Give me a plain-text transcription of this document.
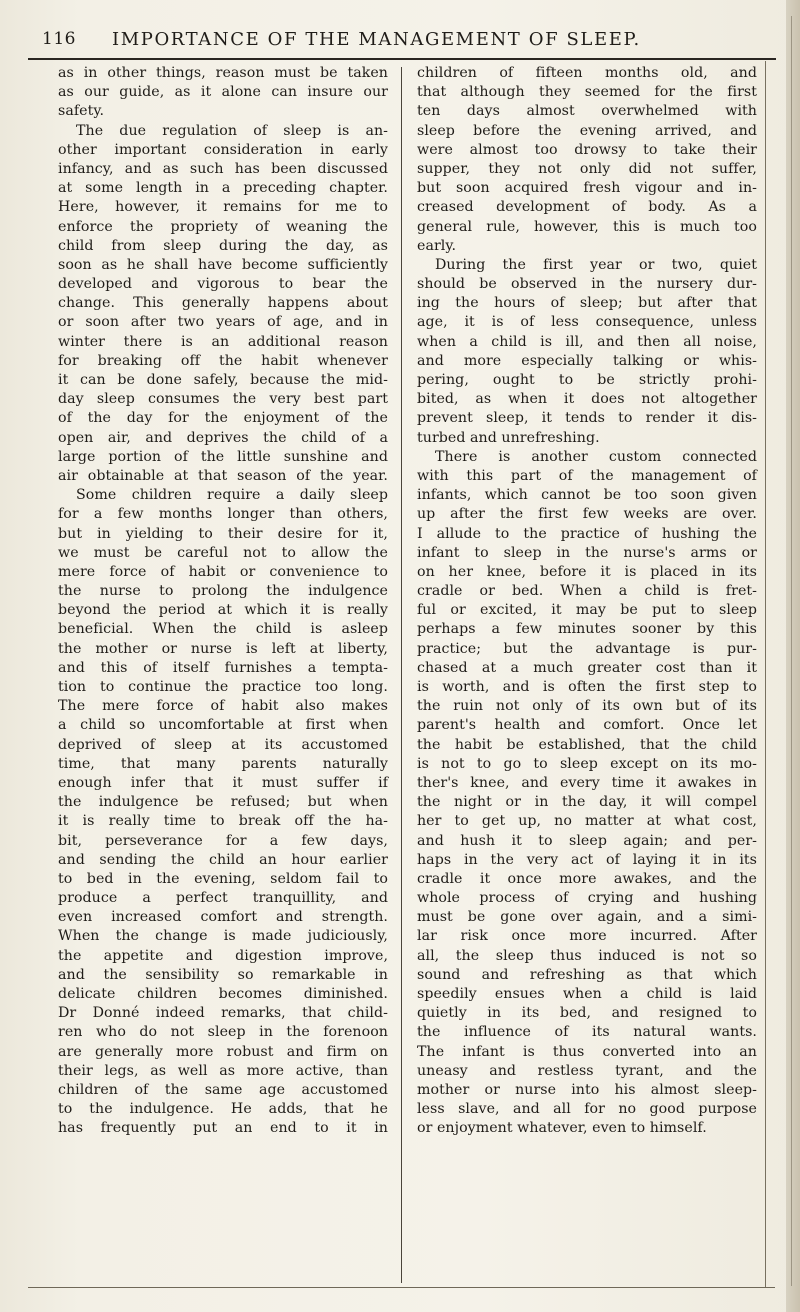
116 IMPORTANCE OF THE MANAGEMENT OF SLEEP.
as in other things, reason must be taken
as our guide, as it alone can insure our
safety.
The due regulation of sleep is an-
other important consideration in early
infancy, and as such has been discussed
at some length in a preceding chapter.
Here, however, it remains for me to
enforce the propriety of weaning the
child from sleep during the day, as
soon as he shall have become sufficiently
developed and vigorous to bear the
change. This generally happens about
or soon after two years of age, and in
winter there is an additional reason
for breaking off the habit whenever
it can be done safely, because the mid-
day sleep consumes the very best part
of the day for the enjoyment of the
open air, and deprives the child of a
large portion of the little sunshine and
air obtainable at that season of the year.
Some children require a daily sleep
for a few months longer than others,
but in yielding to their desire for it,
we must be careful not to allow the
mere force of habit or convenience to
the nurse to prolong the indulgence
beyond the period at which it is really
beneficial. When the child is asleep
the mother or nurse is left at liberty,
and this of itself furnishes a tempta-
tion to continue the practice too long.
The mere force of habit also makes
a child so uncomfortable at first when
deprived of sleep at its accustomed
time, that many parents naturally
enough infer that it must suffer if
the indulgence be refused; but when
it is really time to break off the ha-
bit, perseverance for a few days,
and sending the child an hour earlier
to bed in the evening, seldom fail to
produce a perfect tranquillity, and
even increased comfort and strength.
When the change is made judiciously,
the appetite and digestion improve,
and the sensibility so remarkable in
delicate children becomes diminished.
Dr Donné indeed remarks, that child-
ren who do not sleep in the forenoon
are generally more robust and firm on
their legs, as well as more active, than
children of the same age accustomed
to the indulgence. He adds, that he
has frequently put an end to it in
children of fifteen months old, and
that although they seemed for the first
ten days almost overwhelmed with
sleep before the evening arrived, and
were almost too drowsy to take their
supper, they not only did not suffer,
but soon acquired fresh vigour and in-
creased development of body. As a
general rule, however, this is much too
early.
During the first year or two, quiet
should be observed in the nursery dur-
ing the hours of sleep; but after that
age, it is of less consequence, unless
when a child is ill, and then all noise,
and more especially talking or whis-
pering, ought to be strictly prohi-
bited, as when it does not altogether
prevent sleep, it tends to render it dis-
turbed and unrefreshing.
There is another custom connected
with this part of the management of
infants, which cannot be too soon given
up after the first few weeks are over.
I allude to the practice of hushing the
infant to sleep in the nurse's arms or
on her knee, before it is placed in its
cradle or bed. When a child is fret-
ful or excited, it may be put to sleep
perhaps a few minutes sooner by this
practice; but the advantage is pur-
chased at a much greater cost than it
is worth, and is often the first step to
the ruin not only of its own but of its
parent's health and comfort. Once let
the habit be established, that the child
is not to go to sleep except on its mo-
ther's knee, and every time it awakes in
the night or in the day, it will compel
her to get up, no matter at what cost,
and hush it to sleep again; and per-
haps in the very act of laying it in its
cradle it once more awakes, and the
whole process of crying and hushing
must be gone over again, and a simi-
lar risk once more incurred. After
all, the sleep thus induced is not so
sound and refreshing as that which
speedily ensues when a child is laid
quietly in its bed, and resigned to
the influence of its natural wants.
The infant is thus converted into an
uneasy and restless tyrant, and the
mother or nurse into his almost sleep-
less slave, and all for no good purpose
or enjoyment whatever, even to himself.
